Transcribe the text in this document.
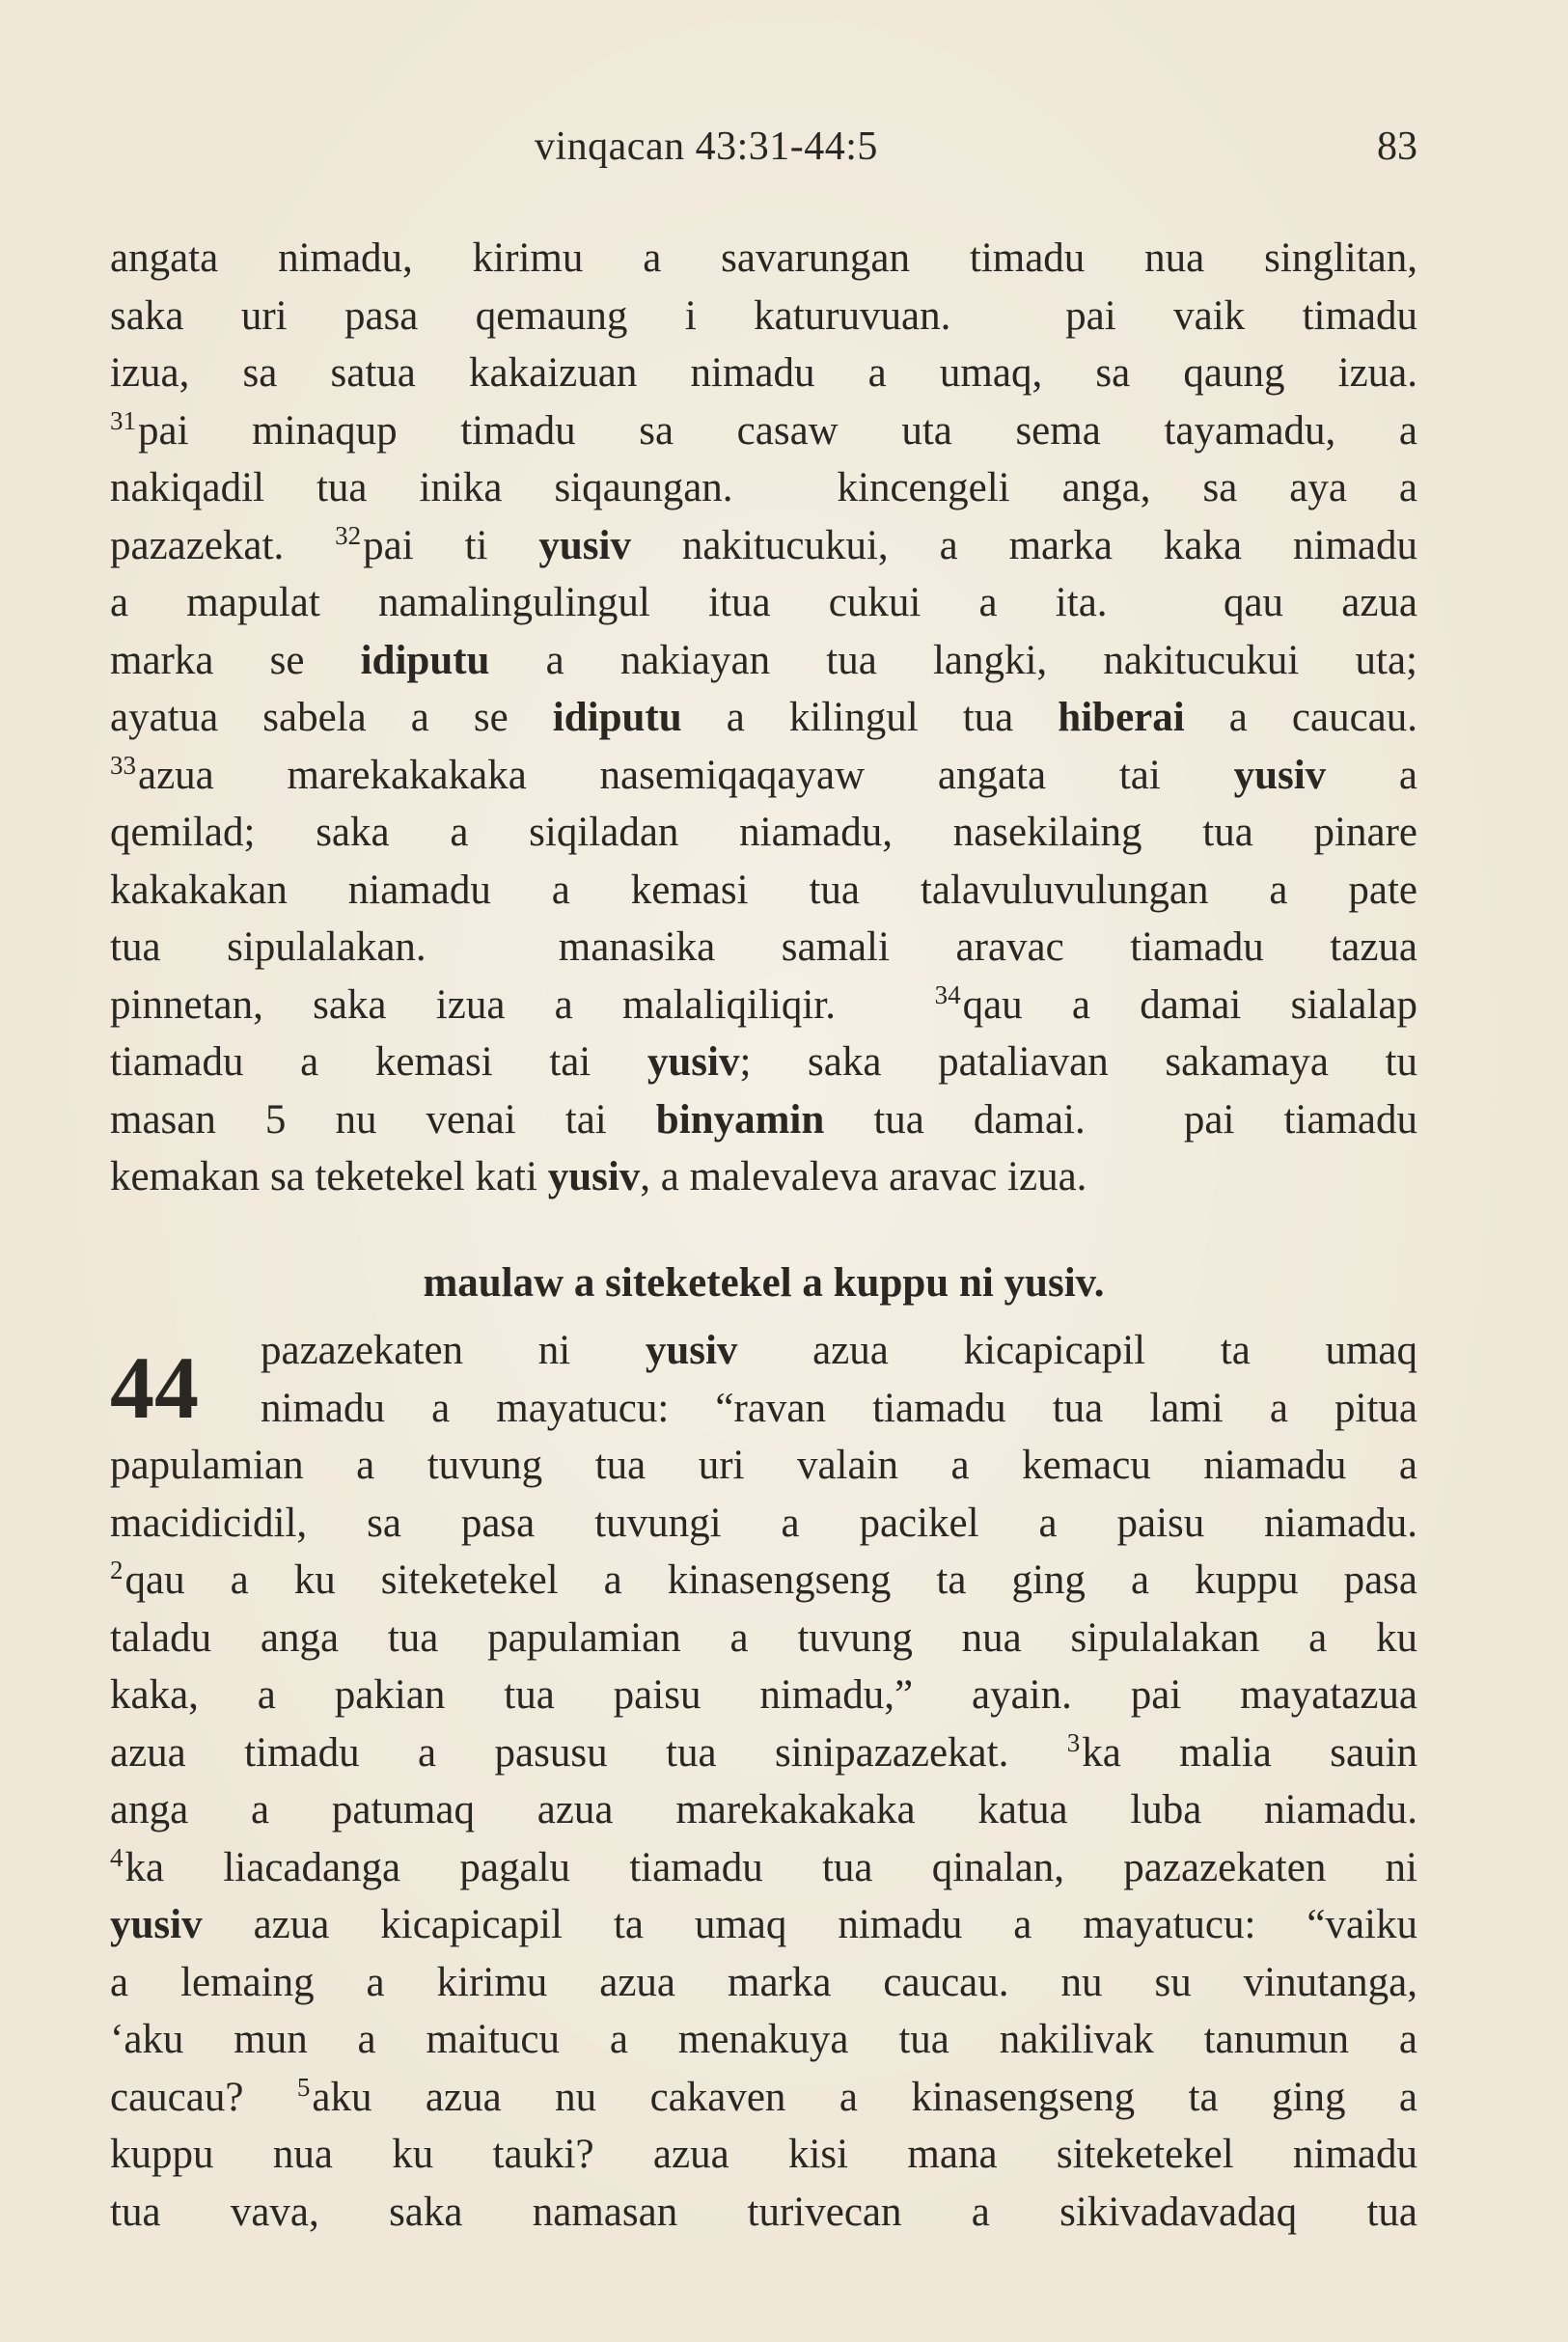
vinqacan 43:31-44:5	83
angata nimadu, kirimu a savarungan timadu nua singlitan,
saka uri pasa qemaung i katuruvuan.  pai vaik timadu
izua, sa satua kakaizuan nimadu a umaq, sa qaung izua.
$^{31}$pai minaqup timadu sa casaw uta sema tayamadu, a
nakiqadil tua inika siqaungan.  kincengeli anga, sa aya a
pazazekat. $^{32}$pai ti yusiv nakitucukui, a marka kaka nimadu
a mapulat namalingulingul itua cukui a ita.  qau azua
marka se idiputu a nakiayan tua langki, nakitucukui uta;
ayatua sabela a se idiputu a kilingul tua hiberai a caucau.
$^{33}$azua marekakakaka nasemiqaqayaw angata tai yusiv a
qemilad; saka a siqiladan niamadu, nasekilaing tua pinare
kakakakan niamadu a kemasi tua talavuluvulungan a pate
tua sipulalakan.  manasika samali aravac tiamadu tazua
pinnetan, saka izua a malaliqiliqir.  $^{34}$qau a damai sialalap
tiamadu a kemasi tai yusiv; saka pataliavan sakamaya tu
masan 5 nu venai tai binyamin tua damai.  pai tiamadu
kemakan sa teketekel kati yusiv, a malevaleva aravac izua.
maulaw a siteketekel a kuppu ni yusiv.
44 pazazekaten ni yusiv azua kicapicapil ta umaq
nimadu a mayatucu: “ravan tiamadu tua lami a pitua
papulamian a tuvung tua uri valain a kemacu niamadu a
macidicidil, sa pasa tuvungi a pacikel a paisu niamadu.
$^2$qau a ku siteketekel a kinasengseng ta ging a kuppu pasa
taladu anga tua papulamian a tuvung nua sipulalakan a ku
kaka, a pakian tua paisu nimadu,” ayain. pai mayatazua
azua timadu a pasusu tua sinipazazekat. $^3$ka malia sauin
anga a patumaq azua marekakakaka katua luba niamadu.
$^4$ka liacadanga pagalu tiamadu tua qinalan, pazazekaten ni
yusiv azua kicapicapil ta umaq nimadu a mayatucu: “vaiku
a lemaing a kirimu azua marka caucau. nu su vinutanga,
‘aku mun a maitucu a menakuya tua nakilivak tanumun a
caucau? $^5$aku azua nu cakaven a kinasengseng ta ging a
kuppu nua ku tauki? azua kisi mana siteketekel nimadu
tua vava, saka namasan turivecan a sikivadavadaq tua
